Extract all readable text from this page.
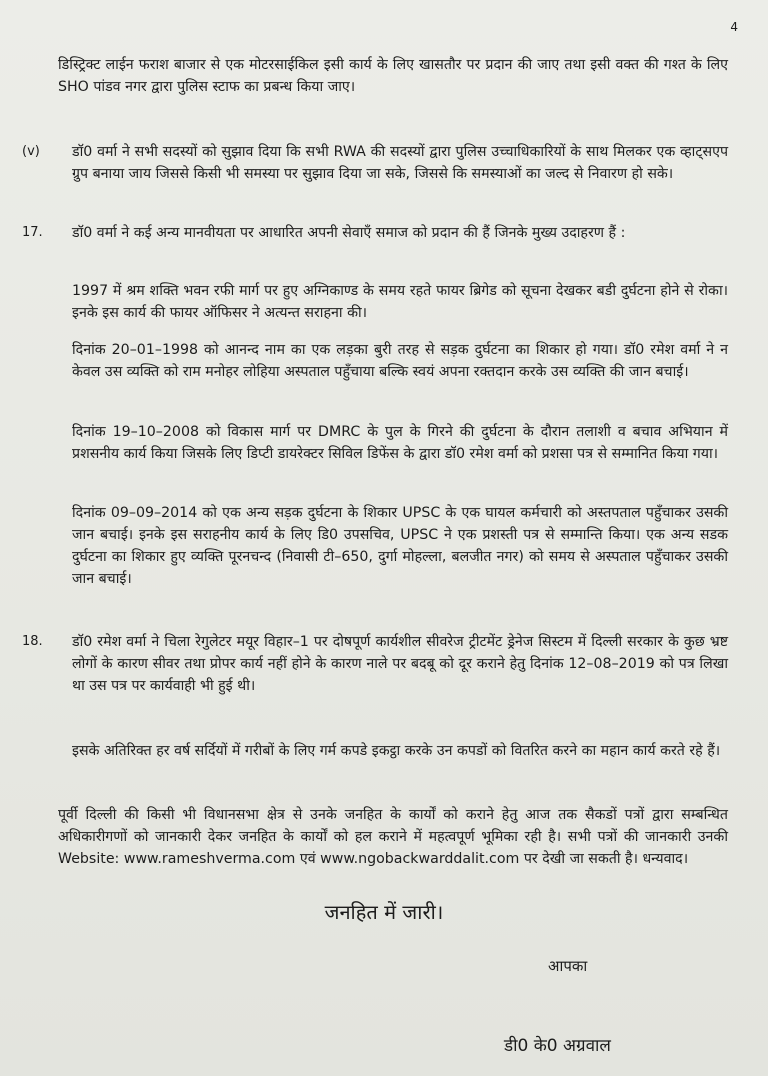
4
डिस्ट्रिक्ट लाईन फराश बाजार से एक मोटरसाईकिल इसी कार्य के लिए खासतौर पर प्रदान की जाए तथा इसी वक्त की गश्त के लिए SHO पांडव नगर द्वारा पुलिस स्टाफ का प्रबन्ध किया जाए।
(v) डॉ0 वर्मा ने सभी सदस्यों को सुझाव दिया कि सभी RWA की सदस्यों द्वारा पुलिस उच्चाधिकारियों के साथ मिलकर एक व्हाट्सएप ग्रुप बनाया जाय जिससे किसी भी समस्या पर सुझाव दिया जा सके, जिससे कि समस्याओं का जल्द से निवारण हो सके।
17. डॉ0 वर्मा ने कई अन्य मानवीयता पर आधारित अपनी सेवाएँ समाज को प्रदान की हैं जिनके मुख्य उदाहरण हैं :
1997 में श्रम शक्ति भवन रफी मार्ग पर हुए अग्निकाण्ड के समय रहते फायर ब्रिगेड को सूचना देखकर बडी दुर्घटना होने से रोका। इनके इस कार्य की फायर ऑफिसर ने अत्यन्त सराहना की।
दिनांक 20–01–1998 को आनन्द नाम का एक लड़का बुरी तरह से सड़क दुर्घटना का शिकार हो गया। डॉ0 रमेश वर्मा ने न केवल उस व्यक्ति को राम मनोहर लोहिया अस्पताल पहुँचाया बल्कि स्वयं अपना रक्तदान करके उस व्यक्ति की जान बचाई।
दिनांक 19–10–2008 को विकास मार्ग पर DMRC के पुल के गिरने की दुर्घटना के दौरान तलाशी व बचाव अभियान में प्रशसनीय कार्य किया जिसके लिए डिप्टी डायरेक्टर सिविल डिफेंस के द्वारा डॉ0 रमेश वर्मा को प्रशसा पत्र से सम्मानित किया गया।
दिनांक 09–09–2014 को एक अन्य सड़क दुर्घटना के शिकार UPSC के एक घायल कर्मचारी को अस्तपताल पहुँचाकर उसकी जान बचाई। इनके इस सराहनीय कार्य के लिए डि0 उपसचिव, UPSC ने एक प्रशस्ती पत्र से सम्मान्ति किया। एक अन्य सडक दुर्घटना का शिकार हुए व्यक्ति पूरनचन्द (निवासी टी–650, दुर्गा मोहल्ला, बलजीत नगर) को समय से अस्पताल पहुँचाकर उसकी जान बचाई।
18. डॉ0 रमेश वर्मा ने चिला रेगुलेटर मयूर विहार–1 पर दोषपूर्ण कार्यशील सीवरेज ट्रीटमेंट ड्रेनेज सिस्टम में दिल्ली सरकार के कुछ भ्रष्ट लोगों के कारण सीवर तथा प्रोपर कार्य नहीं होने के कारण नाले पर बदबू को दूर कराने हेतु दिनांक 12–08–2019 को पत्र लिखा था उस पत्र पर कार्यवाही भी हुई थी।
इसके अतिरिक्त हर वर्ष सर्दियों में गरीबों के लिए गर्म कपडे इकट्ठा करके उन कपडों को वितरित करने का महान कार्य करते रहे हैं।
पूर्वी दिल्ली की किसी भी विधानसभा क्षेत्र से उनके जनहित के कार्यों को कराने हेतु आज तक सैकडों पत्रों द्वारा सम्बन्धित अधिकारीगणों को जानकारी देकर जनहित के कार्यों को हल कराने में महत्वपूर्ण भूमिका रही है। सभी पत्रों की जानकारी उनकी Website: www.rameshverma.com एवं www.ngobackwarddalit.com पर देखी जा सकती है। धन्यवाद।
जनहित में जारी।
आपका
डी0 के0 अग्रवाल
